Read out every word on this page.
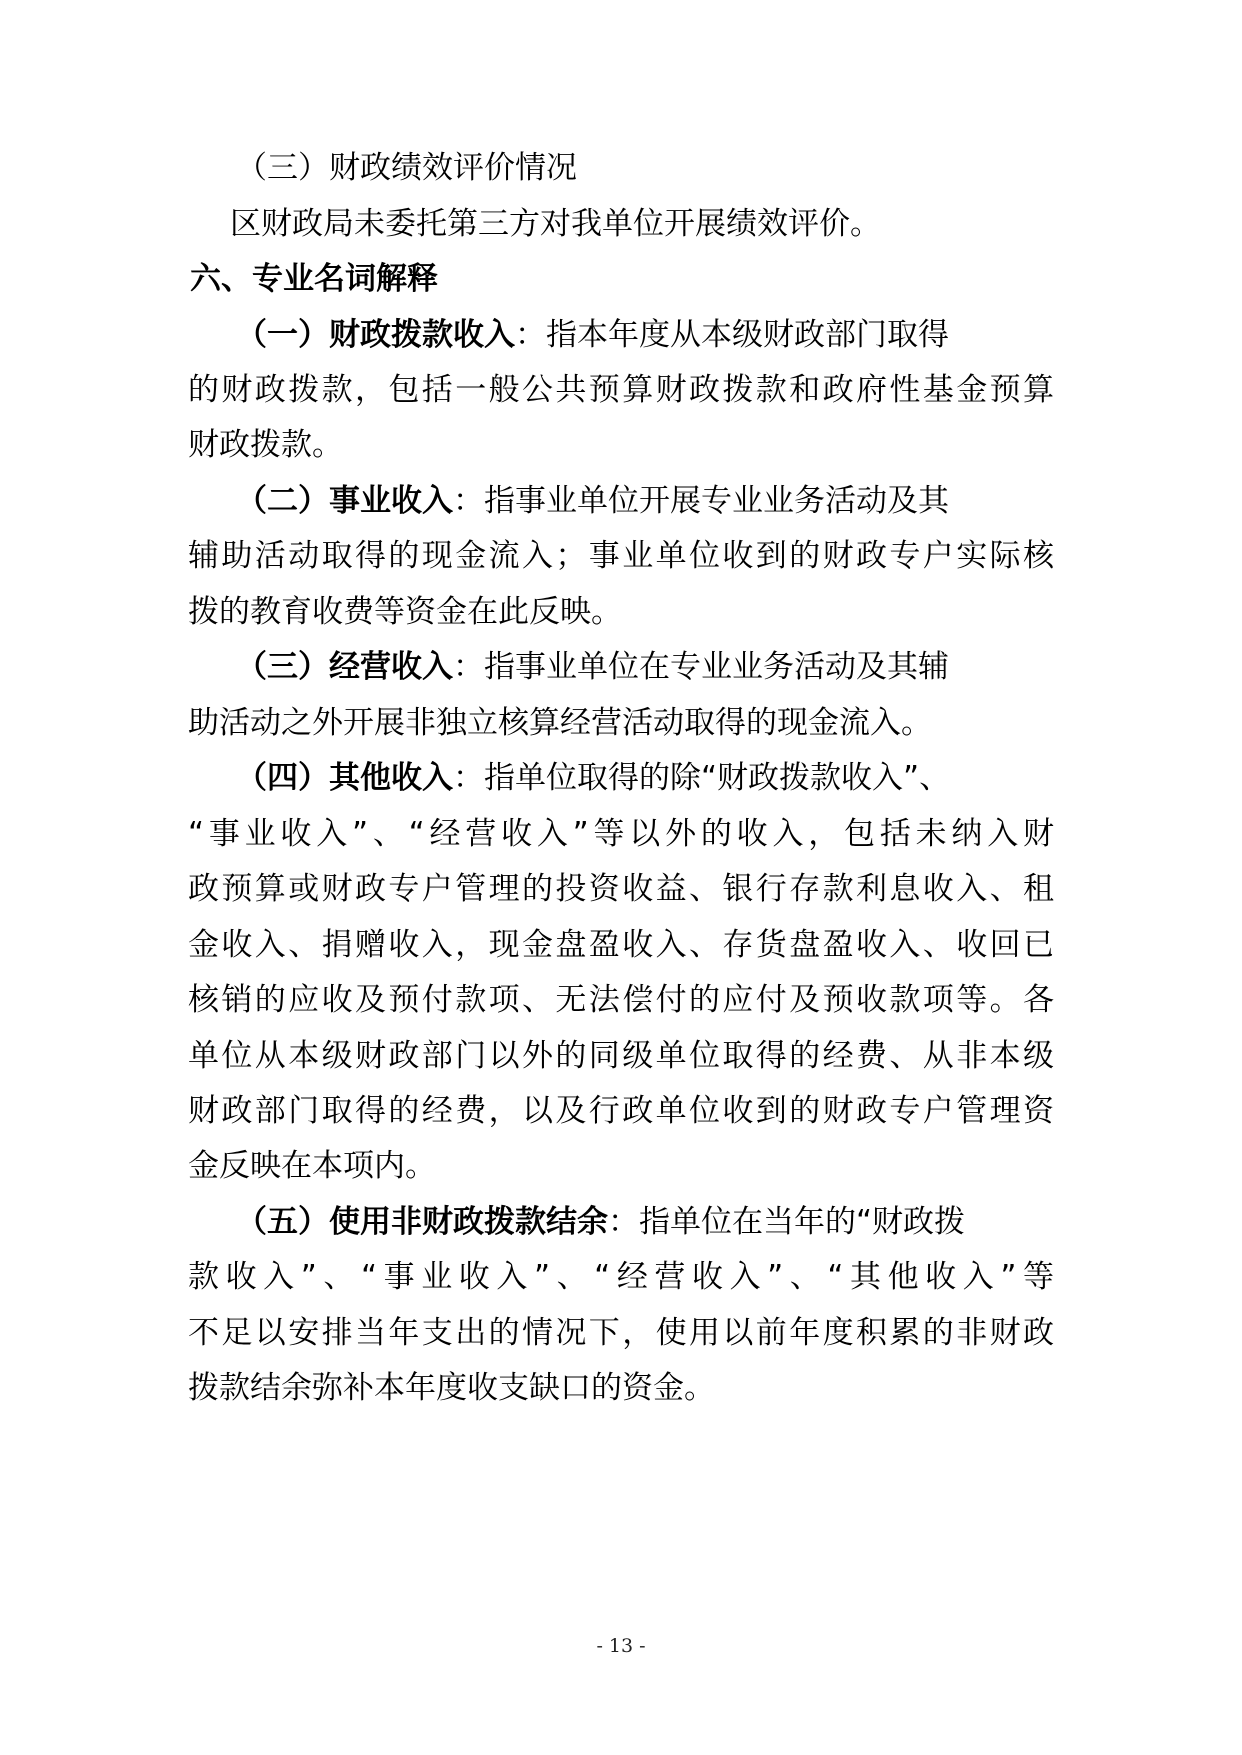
（三）财政绩效评价情况
区财政局未委托第三方对我单位开展绩效评价。
六、专业名词解释
（一）财政拨款收入：指本年度从本级财政部门取得
的财政拨款，包括一般公共预算财政拨款和政府性基金预算
财政拨款。
（二）事业收入：指事业单位开展专业业务活动及其
辅助活动取得的现金流入；事业单位收到的财政专户实际核
拨的教育收费等资金在此反映。
（三）经营收入：指事业单位在专业业务活动及其辅
助活动之外开展非独立核算经营活动取得的现金流入。
（四）其他收入：指单位取得的除“财政拨款收入”、
“事业收入”、“经营收入”等以外的收入，包括未纳入财
政预算或财政专户管理的投资收益、银行存款利息收入、租
金收入、捐赠收入，现金盘盈收入、存货盘盈收入、收回已
核销的应收及预付款项、无法偿付的应付及预收款项等。各
单位从本级财政部门以外的同级单位取得的经费、从非本级
财政部门取得的经费，以及行政单位收到的财政专户管理资
金反映在本项内。
（五）使用非财政拨款结余：指单位在当年的“财政拨
款收入”、“事业收入”、“经营收入”、“其他收入”等
不足以安排当年支出的情况下，使用以前年度积累的非财政
拨款结余弥补本年度收支缺口的资金。
- 13 -
